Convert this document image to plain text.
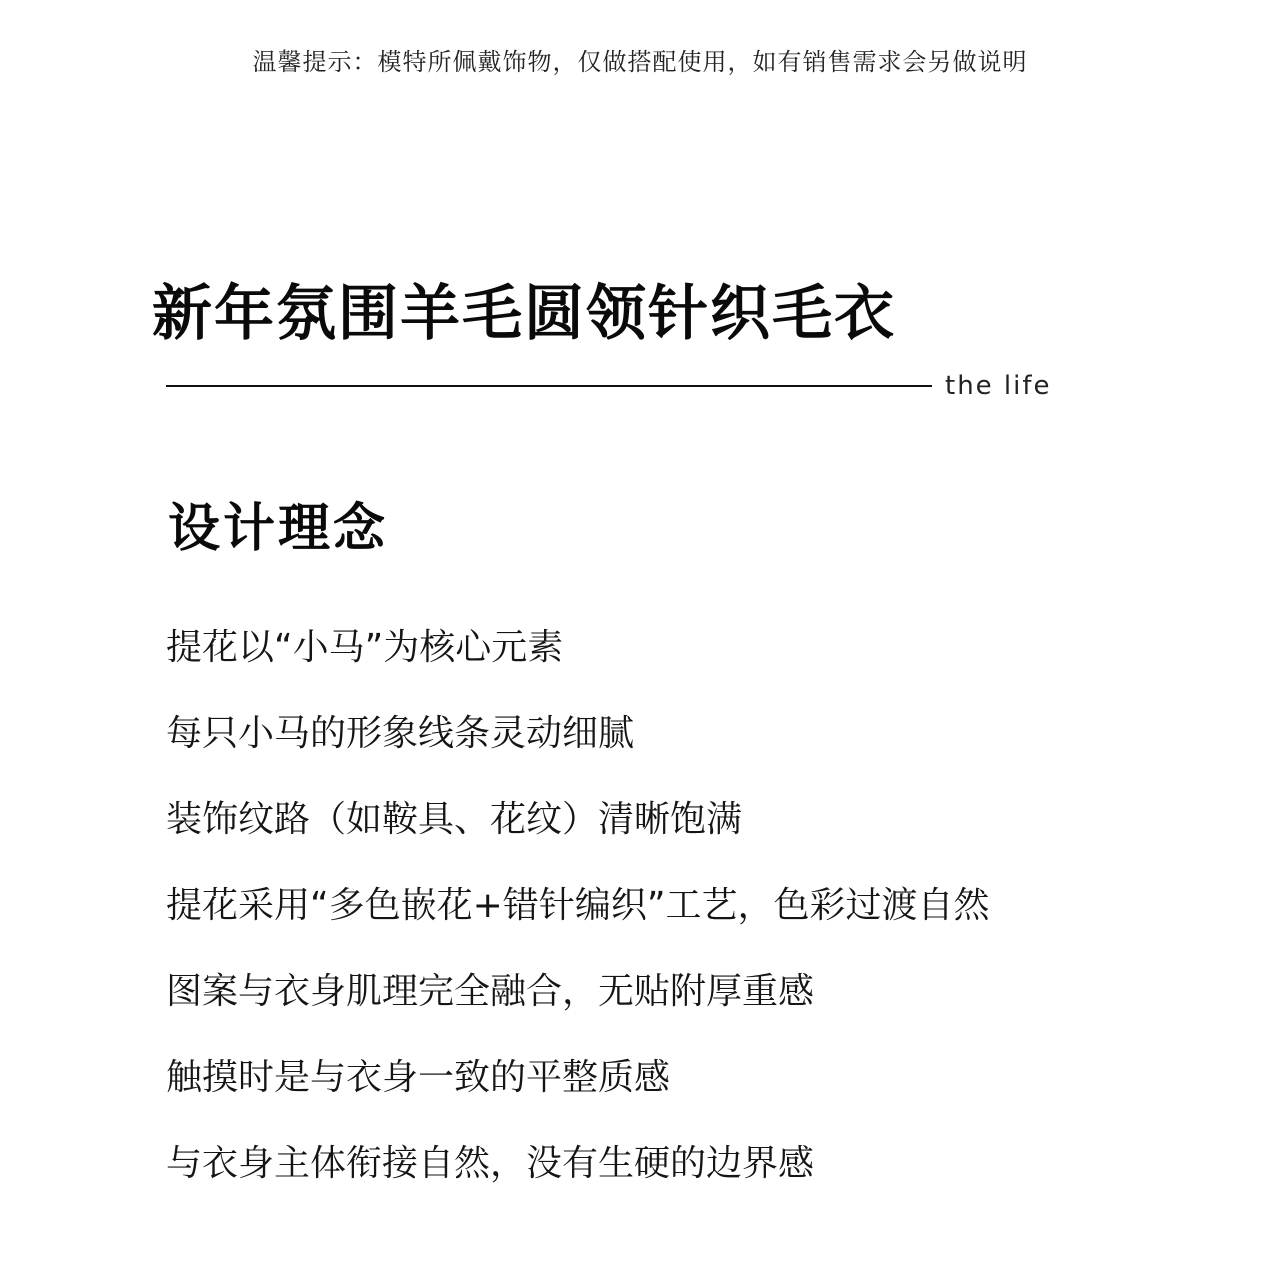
温馨提示：模特所佩戴饰物，仅做搭配使用，如有销售需求会另做说明
新年氛围羊毛圆领针织毛衣
the life
设计理念
提花以“小马”为核心元素
每只小马的形象线条灵动细腻
装饰纹路（如鞍具、花纹）清晰饱满
提花采用“多色嵌花+错针编织”工艺，色彩过渡自然
图案与衣身肌理完全融合，无贴附厚重感
触摸时是与衣身一致的平整质感
与衣身主体衔接自然，没有生硬的边界感
